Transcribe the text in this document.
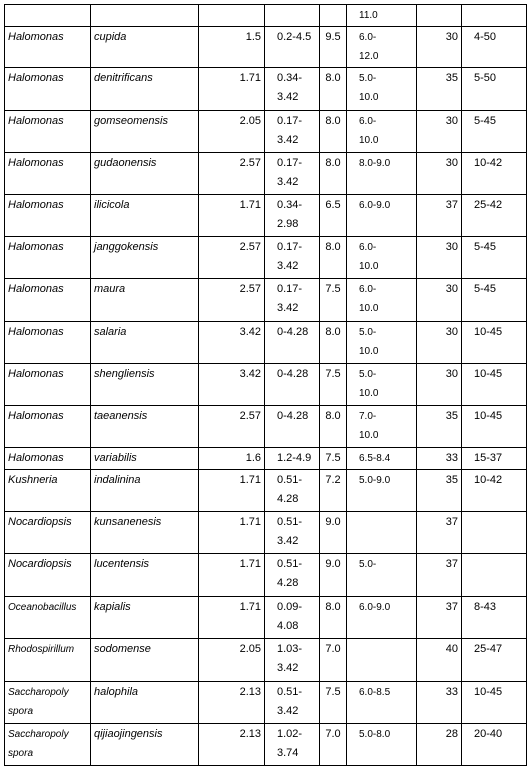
					11.0		
Halomonas	cupida	1.5	0.2-4.5	9.5	6.0-
12.0	30	4-50
Halomonas	denitrificans	1.71	0.34-
3.42	8.0	5.0-
10.0	35	5-50
Halomonas	gomseomensis	2.05	0.17-
3.42	8.0	6.0-
10.0	30	5-45
Halomonas	gudaonensis	2.57	0.17-
3.42	8.0	8.0-9.0	30	10-42
Halomonas	ilicicola	1.71	0.34-
2.98	6.5	6.0-9.0	37	25-42
Halomonas	janggokensis	2.57	0.17-
3.42	8.0	6.0-
10.0	30	5-45
Halomonas	maura	2.57	0.17-
3.42	7.5	6.0-
10.0	30	5-45
Halomonas	salaria	3.42	0-4.28	8.0	5.0-
10.0	30	10-45
Halomonas	shengliensis	3.42	0-4.28	7.5	5.0-
10.0	30	10-45
Halomonas	taeanensis	2.57	0-4.28	8.0	7.0-
10.0	35	10-45
Halomonas	variabilis	1.6	1.2-4.9	7.5	6.5-8.4	33	15-37
Kushneria	indalinina	1.71	0.51-
4.28	7.2	5.0-9.0	35	10-42
Nocardiopsis	kunsanenesis	1.71	0.51-
3.42	9.0		37	
Nocardiopsis	lucentensis	1.71	0.51-
4.28	9.0	5.0-	37	
Oceanobacillus	kapialis	1.71	0.09-
4.08	8.0	6.0-9.0	37	8-43
Rhodospirillum	sodomense	2.05	1.03-
3.42	7.0		40	25-47
Saccharopoly
spora	halophila	2.13	0.51-
3.42	7.5	6.0-8.5	33	10-45
Saccharopoly
spora	qijiaojingensis	2.13	1.02-
3.74	7.0	5.0-8.0	28	20-40
